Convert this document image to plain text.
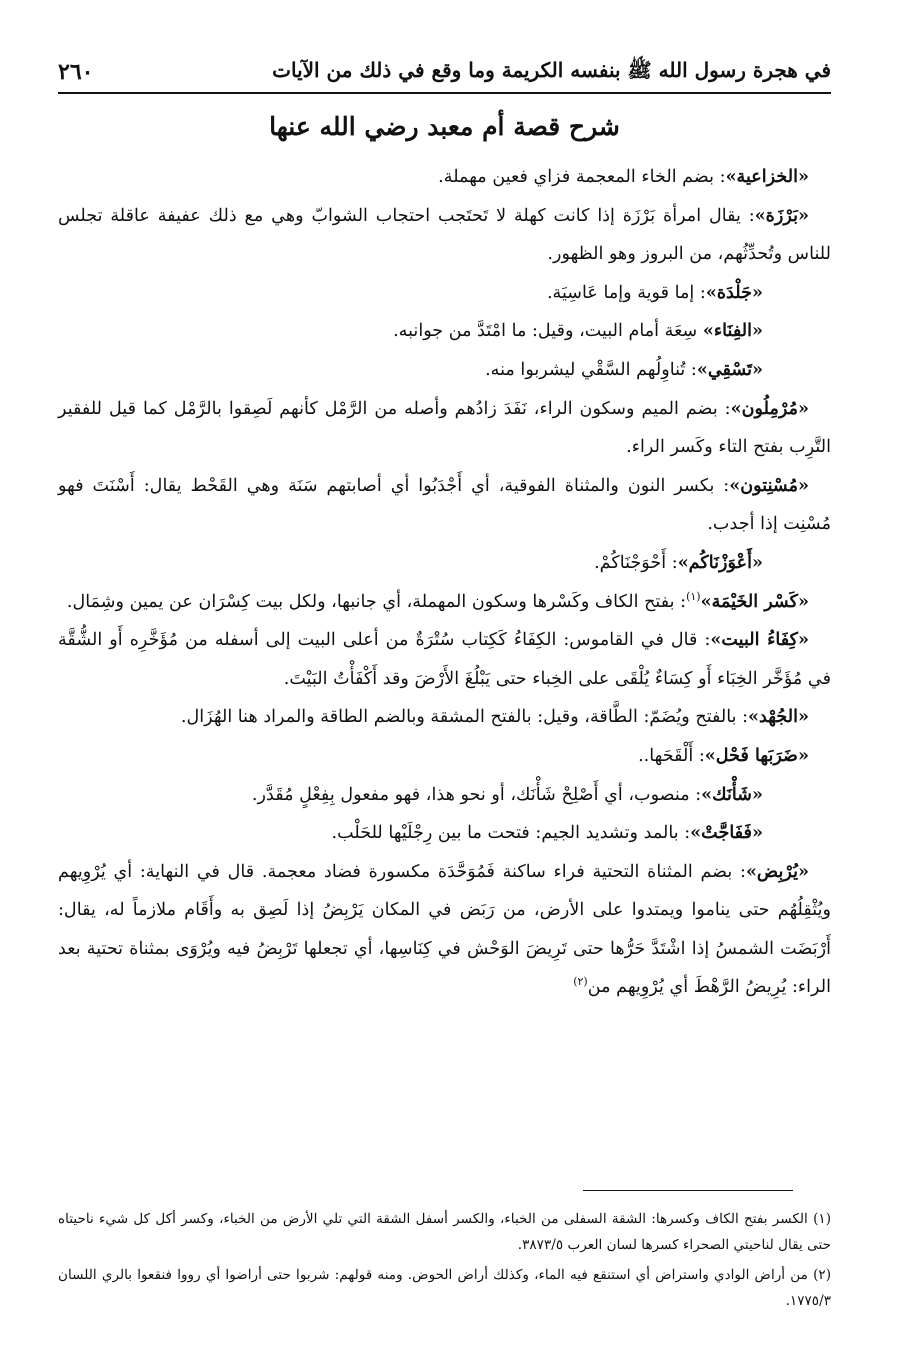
في هجرة رسول الله ﷺ بنفسه الكريمة وما وقع في ذلك من الآيات
٢٦٠
شرح قصة أم معبد رضي الله عنها

«الخزاعية»: بضم الخاء المعجمة فزاي فعين مهملة.

«بَرْزَة»: يقال امرأة بَرْزَة إذا كانت كهلة لا تَحتَجب احتجاب الشوابّ وهي مع ذلك عفيفة عاقلة تجلس للناس وتُحدِّثُهم، من البروز وهو الظهور.

«جَلْدَة»: إما قوية وإما عَاسِيَة.

«الفِنَاء» سِعَة أمام البيت، وقيل: ما امْتَدَّ من جوانبه.

«تَسْقِي»: تُناوِلُهم السَّقْي ليشربوا منه.

«مُرْمِلُون»: بضم الميم وسكون الراء، نَفَدَ زادُهم وأصله من الرَّمْل كأنهم لَصِقوا بالرَّمْل كما قيل للفقير التَّرِب بفتح التاء وكَسر الراء.

«مُسْنِتون»: بكسر النون والمثناة الفوقية، أي أَجْدَبُوا أي أصابتهم سَنَة وهي القَحْط يقال: أَسْنَتَ فهو مُسْنِت إذا أجدب.

«أَعْوَزْنَاكُم»: أَحْوَجْنَاكُمْ.

«كَسْر الخَيْمَة»$^{(١)}$: بفتح الكاف وكَسْرها وسكون المهملة، أي جانبها، ولكل بيت كِسْرَان عن يمين وشِمَال.

«كِفَاءُ البيت»: قال في القاموس: الكِفَاءُ كَكِتاب سُتْرَةٌ من أعلى البيت إلى أسفله من مُؤَخَّرِه أَو الشُّقَّة في مُؤَخَّر الخِبَاء أَو كِسَاءٌ يُلْقَى على الخِباء حتى يَبْلُغَ الأَرْضَ وقد أَكْفَأْتُ البَيْتَ.

«الجُهْد»: بالفتح ويُضَمّ: الطَّاقة، وقيل: بالفتح المشقة وبالضم الطاقة والمراد هنا الهُزَال.

«ضَرَبَها فَحْل»: أَلْقَحَها..

«شَأْنَك»: منصوب، أي أَصْلِحْ شَأْنَك، أو نحو هذا، فهو مفعول بِفِعْلٍ مُقَدَّر.

«فَفَاجَّتْ»: بالمد وتشديد الجيم: فتحت ما بين رِجْلَيْها للحَلْب.

«يُرْبِض»: بضم المثناة التحتية فراء ساكنة فَمُوَحَّدَة مكسورة فضاد معجمة. قال في النهاية: أي يُرْوِيهم ويُثْقِلُهُم حتى يناموا ويمتدوا على الأرض، من رَبَض في المكان يَرْبِضُ إذا لَصِق به وأَقَام ملازماً له، يقال: أَرْبَضَت الشمسُ إذا اشْتَدَّ حَرُّها حتى تَرِيضَ الوَحْش في كِنَاسِها، أي تجعلها تَرْبِضُ فيه ويُرْوَى بمثناة تحتية بعد الراء: يُرِيضُ الرَّهْطَ أي يُرْوِيهم من$^{(٢)}$

(١) الكسر بفتح الكاف وكسرها: الشقة السفلى من الخباء، والكسر أسفل الشقة التي تلي الأرض من الخباء، وكسر أكل كل شيء ناحيتاه حتى يقال لناحيتي الصحراء كسرها لسان العرب ٣٨٧٣/٥.

(٢) من أراض الوادي واستراض أي استنقع فيه الماء، وكذلك أراض الحوض. ومنه قولهم: شربوا حتى أراضوا أي رووا فنقعوا بالري اللسان ١٧٧٥/٣.
